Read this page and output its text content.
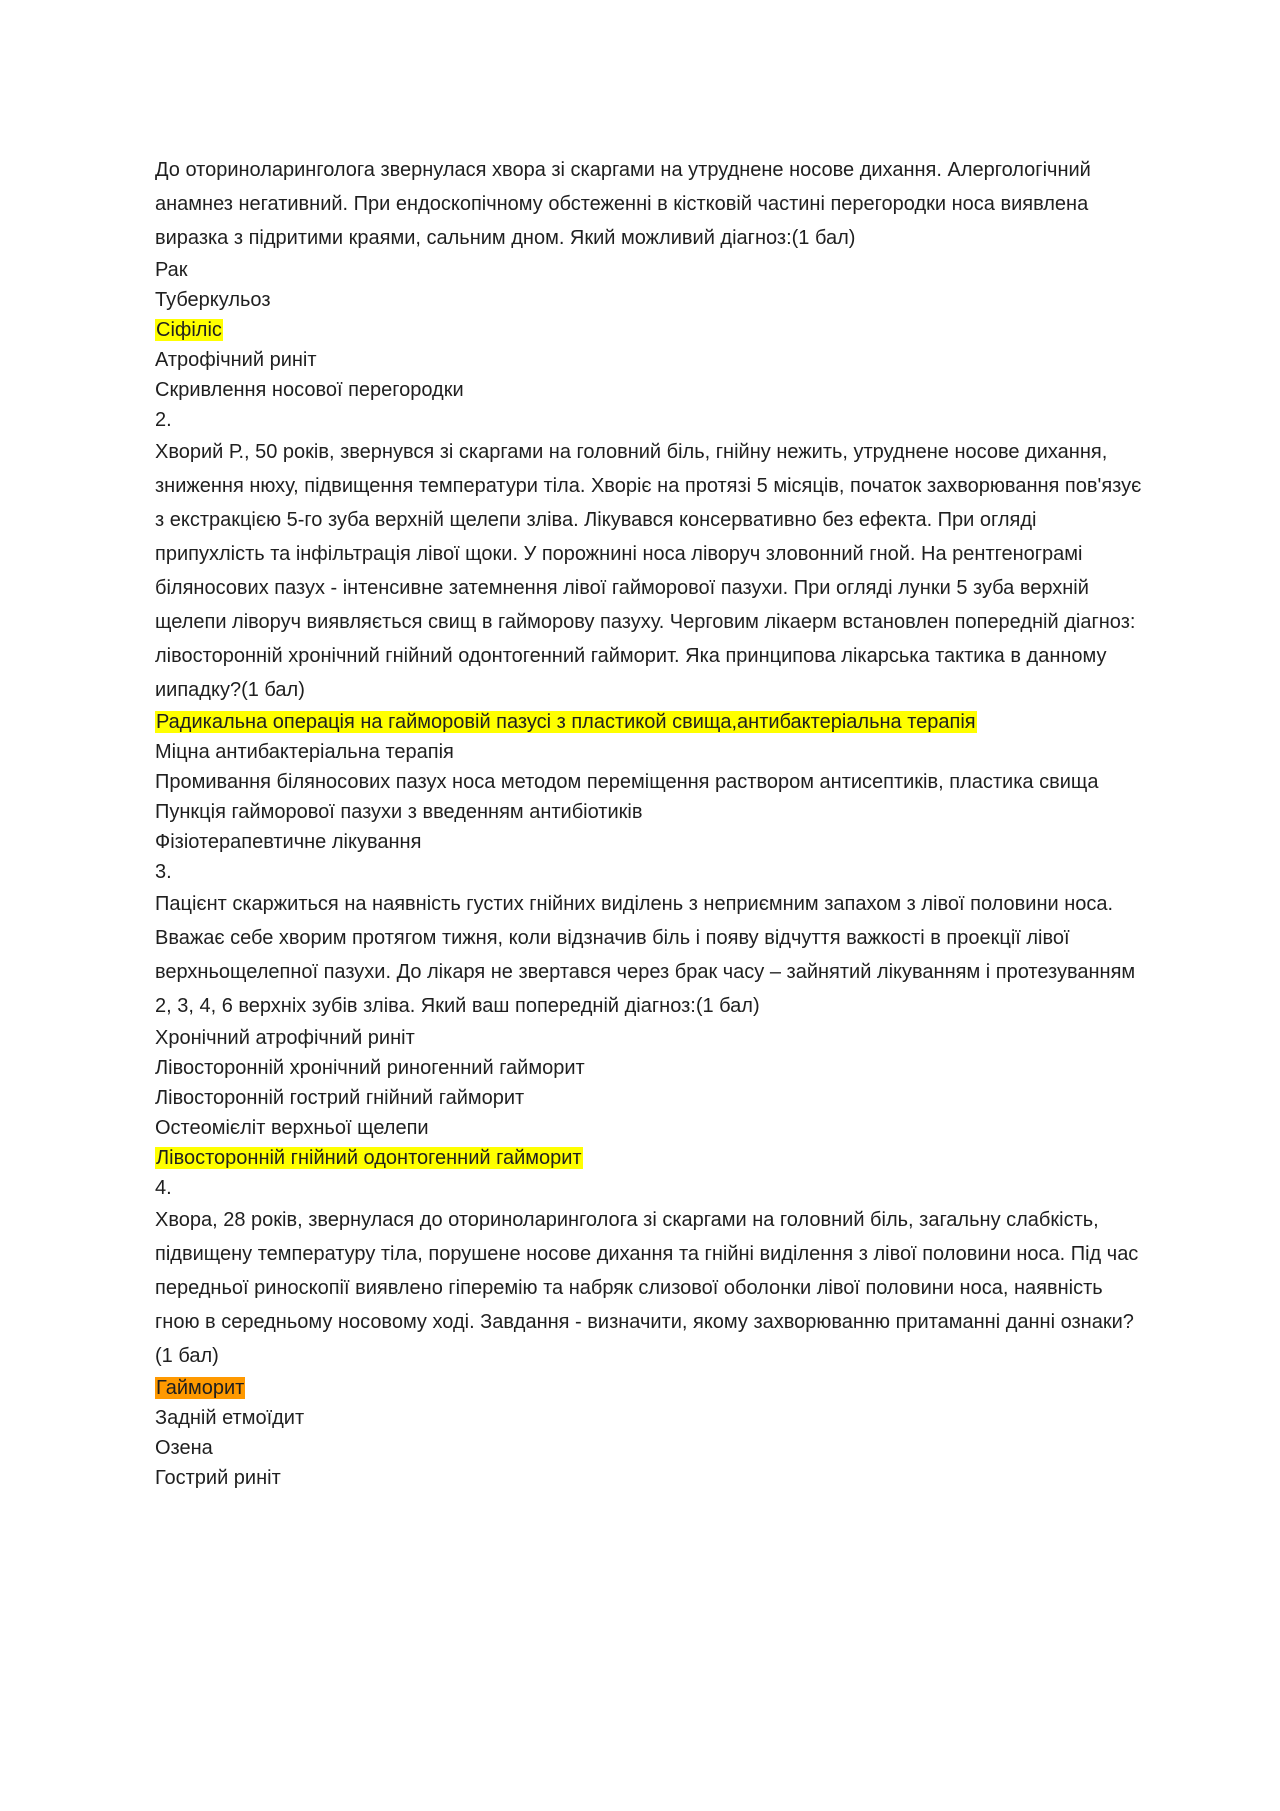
До оториноларинголога звернулася хвора зі скаргами на утруднене носове дихання. Алергологічний анамнез негативний. При ендоскопічному обстеженні в кістковій частині перегородки носа виявлена виразка з підритими краями, сальним дном. Який можливий діагноз:(1 бал)

Рак

Туберкульоз

Сіфіліс

Атрофічний риніт

Скривлення носової перегородки

2.

Хворий Р., 50 років, звернувся зі скаргами на головний біль, гнійну нежить, утруднене носове дихання, зниження нюху, підвищення температури тіла. Хворіє на протязі 5 місяців, початок захворювання пов'язує з екстракцією 5-го зуба верхній щелепи зліва. Лікувався консервативно без ефекта. При огляді припухлість та інфільтрація лівої щоки. У порожнині носа ліворуч зловонний гной. На рентгенограмі біляносових пазух - інтенсивне затемнення лівої гайморової пазухи. При огляді лунки 5 зуба верхній щелепи ліворуч виявляється свищ в гайморову пазуху. Черговим лікаерм встановлен попередній діагноз: лівосторонній хронічний гнійний одонтогенний гайморит. Яка принципова лікарська тактика в данному иипадку?(1 бал)

Радикальна операція на гайморовій пазусі з пластикой свища,антибактеріальна терапія

Міцна антибактеріальна терапія

Промивання біляносових пазух носа методом переміщення раствором антисептиків, пластика свища

Пункція гайморової пазухи з введенням антибіотиків

Фізіотерапевтичне лікування

3.

Пацієнт скаржиться на наявність густих гнійних виділень з неприємним запахом з лівої половини носа. Вважає себе хворим протягом тижня, коли відзначив біль і появу відчуття важкості в проекції лівої верхньощелепної пазухи. До лікаря не звертався через брак часу – зайнятий лікуванням і протезуванням 2, 3, 4, 6 верхніх зубів зліва. Який ваш попередній діагноз:(1 бал)

Хронічний атрофічний риніт

Лівосторонній хронічний риногенний гайморит

Лівосторонній гострий гнійний гайморит

Остеомієліт верхньої щелепи

Лівосторонній гнійний одонтогенний гайморит

4.

Хвора, 28 років, звернулася до оториноларинголога зі скаргами на головний біль, загальну слабкість, підвищену температуру тіла, порушене носове дихання та гнійні виділення з лівої половини носа. Під час передньої риноскопії виявлено гіперемію та набряк слизової оболонки лівої половини носа, наявність гною в середньому носовому ході. Завдання - визначити, якому захворюванню притаманні данні ознаки?(1 бал)

Гайморит

Задній етмоїдит

Озена

Гострий риніт
